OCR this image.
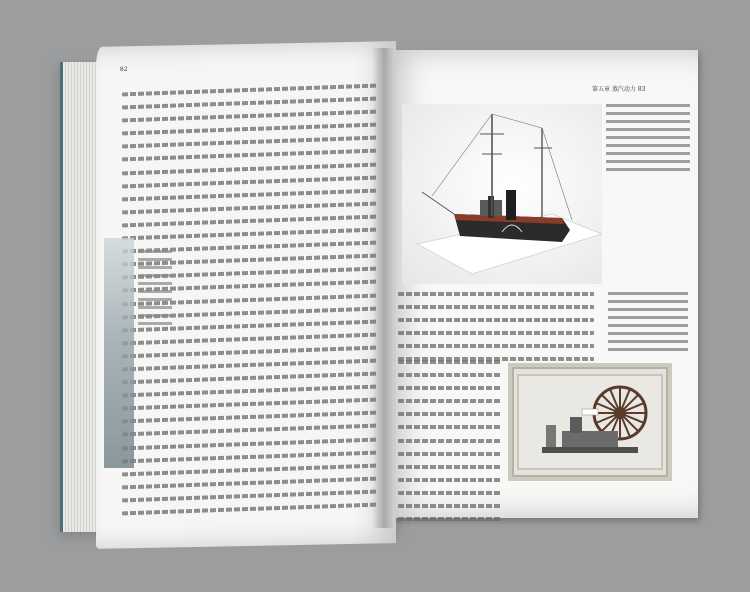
82
第五章 蒸汽动力 83
